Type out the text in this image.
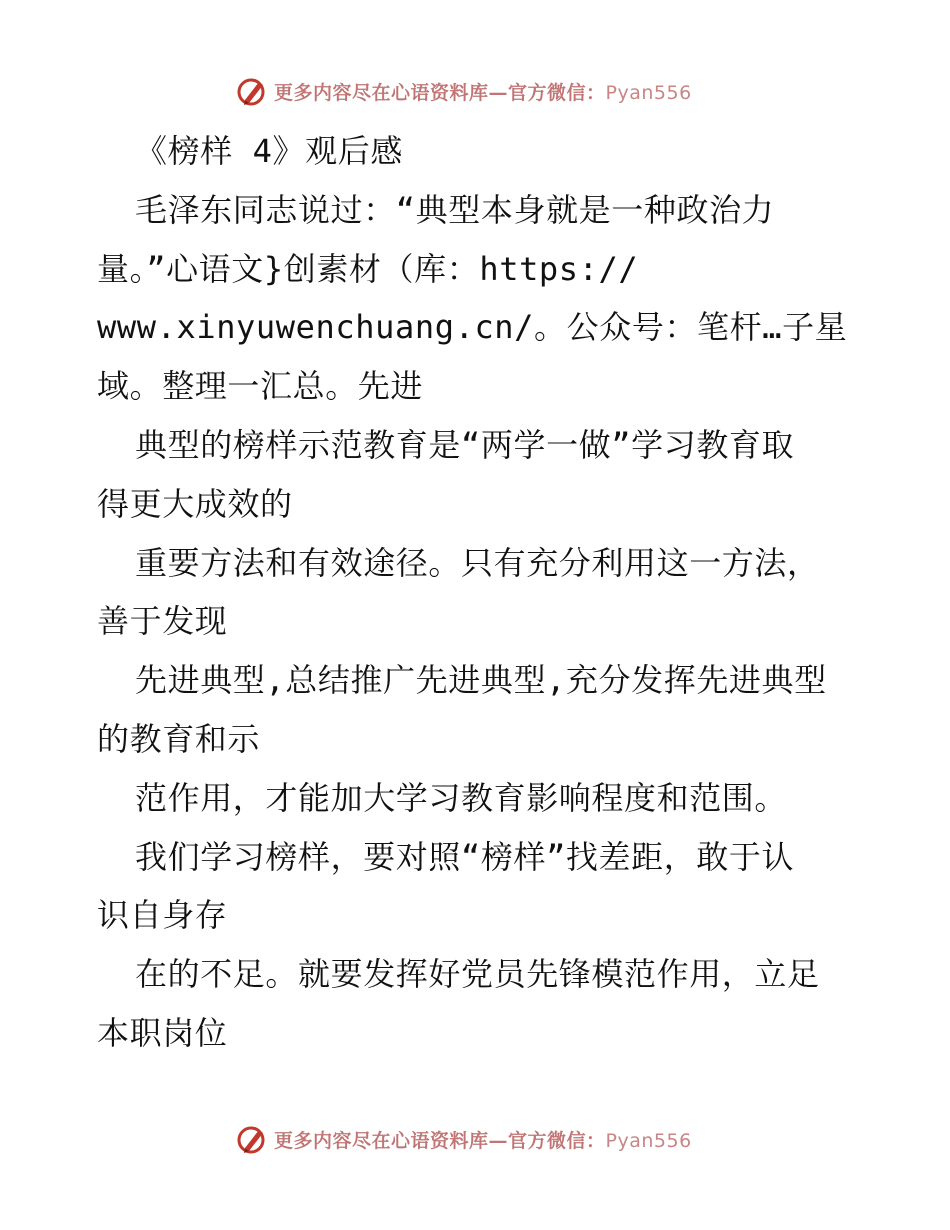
更多内容尽在心语资料库—官方微信：Pyan556
《榜样 4》观后感
毛泽东同志说过：“典型本身就是一种政治力
量。”心语文}创素材（库：https://
www.xinyuwenchuang.cn/。公众号：笔杆…子星
域。整理一汇总。先进
典型的榜样示范教育是“两学一做”学习教育取
得更大成效的
重要方法和有效途径。只有充分利用这一方法，
善于发现
先进典型,总结推广先进典型,充分发挥先进典型
的教育和示
范作用，才能加大学习教育影响程度和范围。
我们学习榜样，要对照“榜样”找差距，敢于认
识自身存
在的不足。就要发挥好党员先锋模范作用，立足
本职岗位
更多内容尽在心语资料库—官方微信：Pyan556
